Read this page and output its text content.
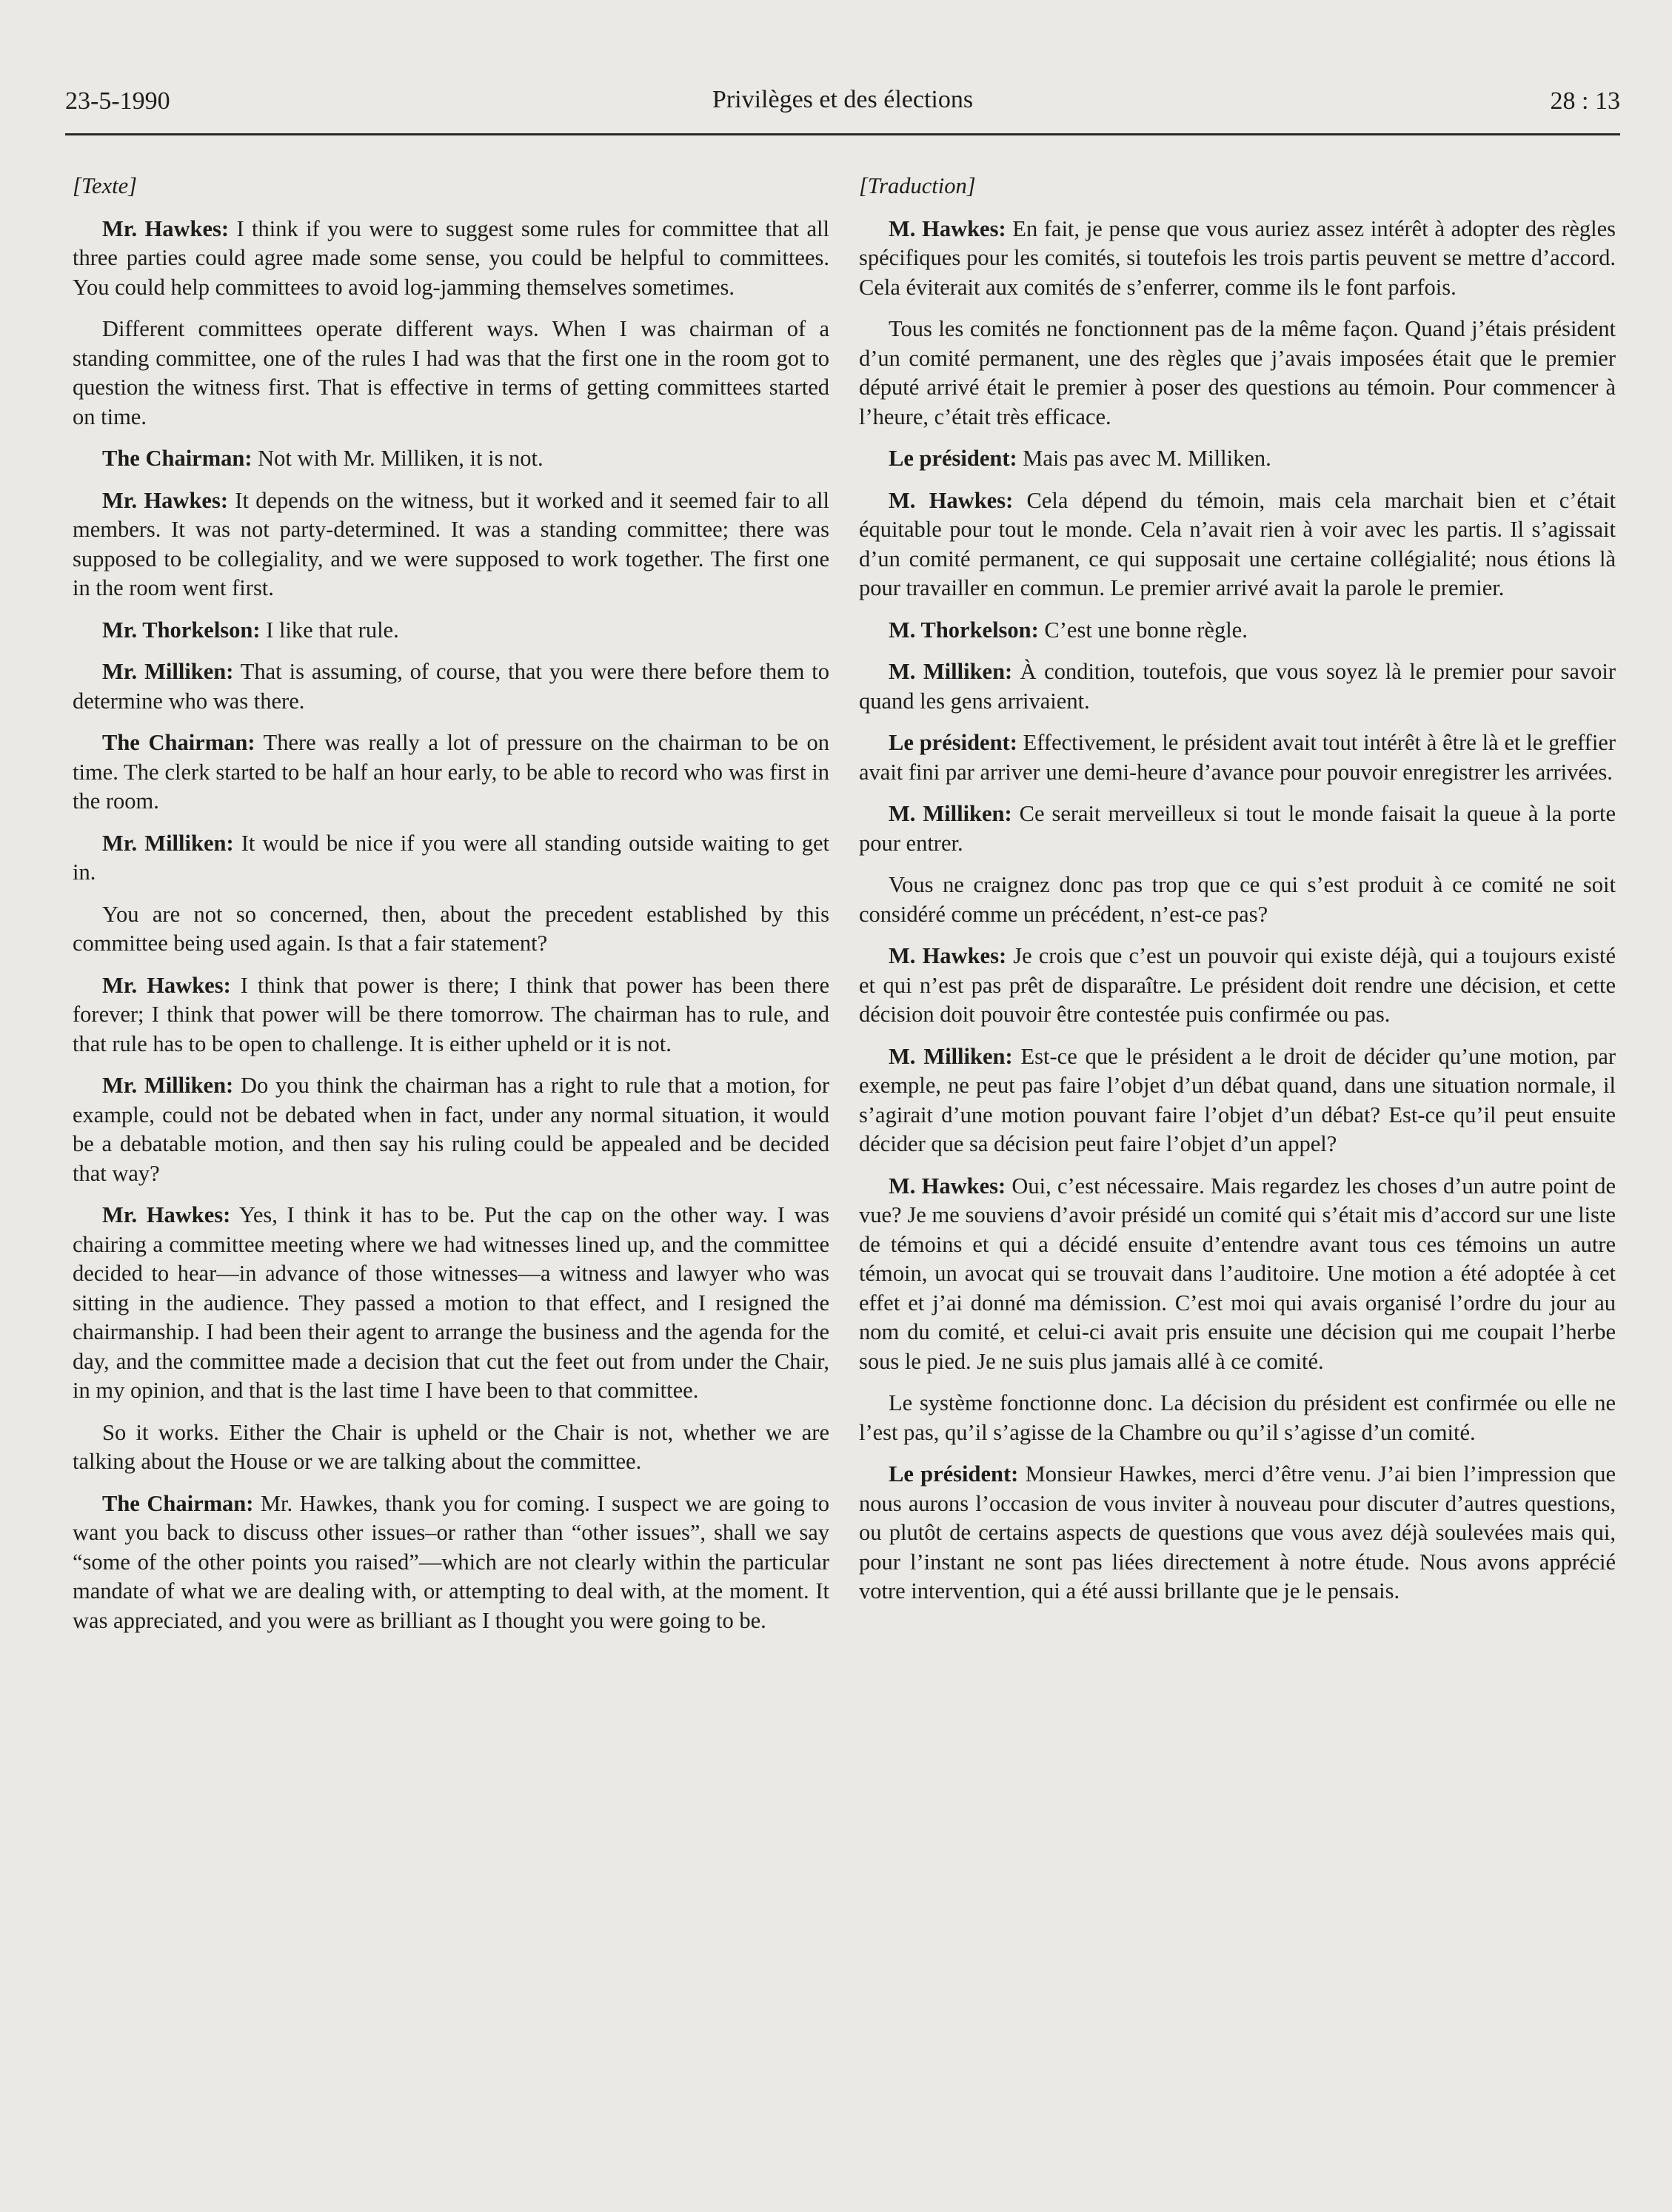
23-5-1990	Privilèges et des élections	28 : 13
[Texte]

Mr. Hawkes: I think if you were to suggest some rules for committee that all three parties could agree made some sense, you could be helpful to committees. You could help committees to avoid log-jamming themselves sometimes.

Different committees operate different ways. When I was chairman of a standing committee, one of the rules I had was that the first one in the room got to question the witness first. That is effective in terms of getting committees started on time.

The Chairman: Not with Mr. Milliken, it is not.

Mr. Hawkes: It depends on the witness, but it worked and it seemed fair to all members. It was not party-determined. It was a standing committee; there was supposed to be collegiality, and we were supposed to work together. The first one in the room went first.

Mr. Thorkelson: I like that rule.

Mr. Milliken: That is assuming, of course, that you were there before them to determine who was there.

The Chairman: There was really a lot of pressure on the chairman to be on time. The clerk started to be half an hour early, to be able to record who was first in the room.

Mr. Milliken: It would be nice if you were all standing outside waiting to get in.

You are not so concerned, then, about the precedent established by this committee being used again. Is that a fair statement?

Mr. Hawkes: I think that power is there; I think that power has been there forever; I think that power will be there tomorrow. The chairman has to rule, and that rule has to be open to challenge. It is either upheld or it is not.

Mr. Milliken: Do you think the chairman has a right to rule that a motion, for example, could not be debated when in fact, under any normal situation, it would be a debatable motion, and then say his ruling could be appealed and be decided that way?

Mr. Hawkes: Yes, I think it has to be. Put the cap on the other way. I was chairing a committee meeting where we had witnesses lined up, and the committee decided to hear—in advance of those witnesses—a witness and lawyer who was sitting in the audience. They passed a motion to that effect, and I resigned the chairmanship. I had been their agent to arrange the business and the agenda for the day, and the committee made a decision that cut the feet out from under the Chair, in my opinion, and that is the last time I have been to that committee.

So it works. Either the Chair is upheld or the Chair is not, whether we are talking about the House or we are talking about the committee.

The Chairman: Mr. Hawkes, thank you for coming. I suspect we are going to want you back to discuss other issues–or rather than “other issues”, shall we say “some of the other points you raised”—which are not clearly within the particular mandate of what we are dealing with, or attempting to deal with, at the moment. It was appreciated, and you were as brilliant as I thought you were going to be.

[Traduction]

M. Hawkes: En fait, je pense que vous auriez assez intérêt à adopter des règles spécifiques pour les comités, si toutefois les trois partis peuvent se mettre d’accord. Cela éviterait aux comités de s’enferrer, comme ils le font parfois.

Tous les comités ne fonctionnent pas de la même façon. Quand j’étais président d’un comité permanent, une des règles que j’avais imposées était que le premier député arrivé était le premier à poser des questions au témoin. Pour commencer à l’heure, c’était très efficace.

Le président: Mais pas avec M. Milliken.

M. Hawkes: Cela dépend du témoin, mais cela marchait bien et c’était équitable pour tout le monde. Cela n’avait rien à voir avec les partis. Il s’agissait d’un comité permanent, ce qui supposait une certaine collégialité; nous étions là pour travailler en commun. Le premier arrivé avait la parole le premier.

M. Thorkelson: C’est une bonne règle.

M. Milliken: À condition, toutefois, que vous soyez là le premier pour savoir quand les gens arrivaient.

Le président: Effectivement, le président avait tout intérêt à être là et le greffier avait fini par arriver une demi-heure d’avance pour pouvoir enregistrer les arrivées.

M. Milliken: Ce serait merveilleux si tout le monde faisait la queue à la porte pour entrer.

Vous ne craignez donc pas trop que ce qui s’est produit à ce comité ne soit considéré comme un précédent, n’est-ce pas?

M. Hawkes: Je crois que c’est un pouvoir qui existe déjà, qui a toujours existé et qui n’est pas prêt de disparaître. Le président doit rendre une décision, et cette décision doit pouvoir être contestée puis confirmée ou pas.

M. Milliken: Est-ce que le président a le droit de décider qu’une motion, par exemple, ne peut pas faire l’objet d’un débat quand, dans une situation normale, il s’agirait d’une motion pouvant faire l’objet d’un débat? Est-ce qu’il peut ensuite décider que sa décision peut faire l’objet d’un appel?

M. Hawkes: Oui, c’est nécessaire. Mais regardez les choses d’un autre point de vue? Je me souviens d’avoir présidé un comité qui s’était mis d’accord sur une liste de témoins et qui a décidé ensuite d’entendre avant tous ces témoins un autre témoin, un avocat qui se trouvait dans l’auditoire. Une motion a été adoptée à cet effet et j’ai donné ma démission. C’est moi qui avais organisé l’ordre du jour au nom du comité, et celui-ci avait pris ensuite une décision qui me coupait l’herbe sous le pied. Je ne suis plus jamais allé à ce comité.

Le système fonctionne donc. La décision du président est confirmée ou elle ne l’est pas, qu’il s’agisse de la Chambre ou qu’il s’agisse d’un comité.

Le président: Monsieur Hawkes, merci d’être venu. J’ai bien l’impression que nous aurons l’occasion de vous inviter à nouveau pour discuter d’autres questions, ou plutôt de certains aspects de questions que vous avez déjà soulevées mais qui, pour l’instant ne sont pas liées directement à notre étude. Nous avons apprécié votre intervention, qui a été aussi brillante que je le pensais.
